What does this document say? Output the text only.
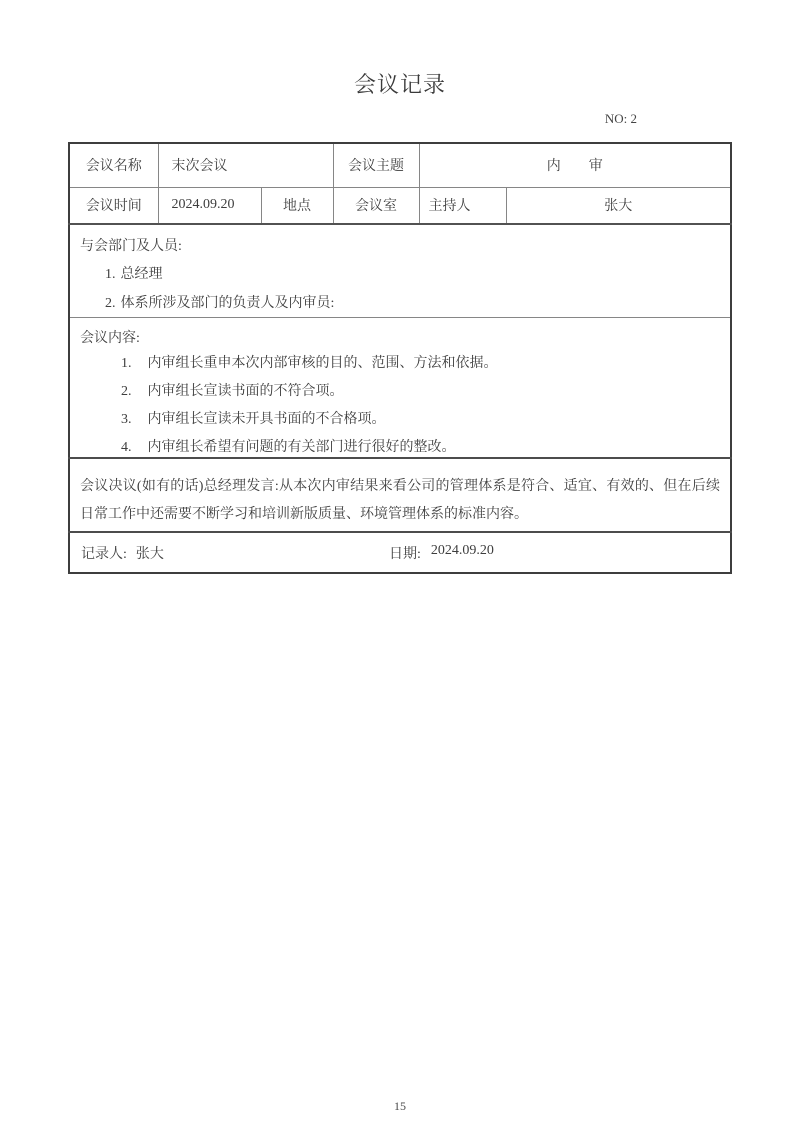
会议记录
NO: 2
会议名称	末次会议		会议主题	内 审	

会议时间	2024.09.20	地点	会议室	主持人	张大

与会部门及人员:
1. 总经理
2. 体系所涉及部门的负责人及内审员:					

会议内容:
1. 内审组长重申本次内部审核的目的、范围、方法和依据。
2. 内审组长宣读书面的不符合项。
3. 内审组长宣读未开具书面的不合格项。
4. 内审组长希望有问题的有关部门进行很好的整改。

会议决议(如有的话)总经理发言:从本次内审结果来看公司的管理体系是符合、适宜、有效的、但在后续日常工作中还需要不断学习和培训新版质量、环境管理体系的标准内容。					

记录人: 张大 日期: 2024.09.20					
15
